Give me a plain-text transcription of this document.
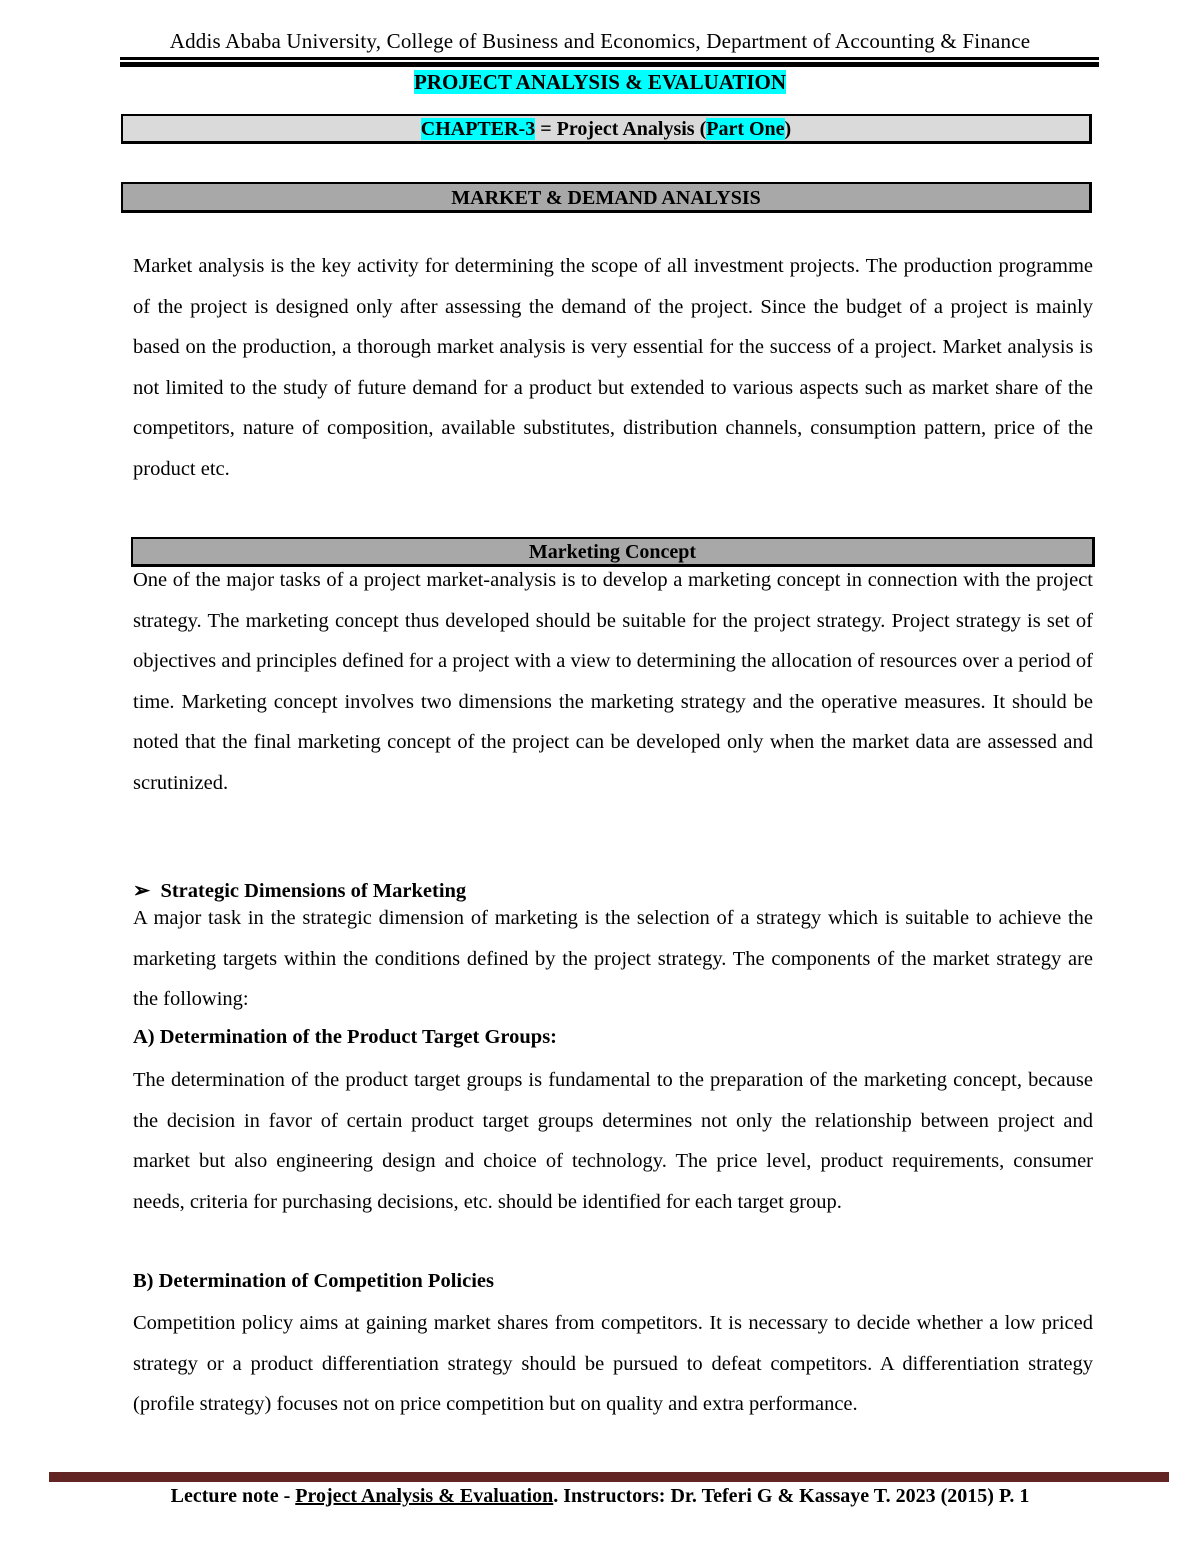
Addis Ababa University, College of Business and Economics, Department of Accounting & Finance
PROJECT ANALYSIS & EVALUATION
CHAPTER-3 = Project Analysis (Part One)
MARKET & DEMAND ANALYSIS
Market analysis is the key activity for determining the scope of all investment projects. The production programme of the project is designed only after assessing the demand of the project. Since the budget of a project is mainly based on the production, a thorough market analysis is very essential for the success of a project. Market analysis is not limited to the study of future demand for a product but extended to various aspects such as market share of the competitors, nature of composition, available substitutes, distribution channels, consumption pattern, price of the product etc.
Marketing Concept
One of the major tasks of a project market-analysis is to develop a marketing concept in connection with the project strategy. The marketing concept thus developed should be suitable for the project strategy. Project strategy is set of objectives and principles defined for a project with a view to determining the allocation of resources over a period of time. Marketing concept involves two dimensions the marketing strategy and the operative measures. It should be noted that the final marketing concept of the project can be developed only when the market data are assessed and scrutinized.
➢ Strategic Dimensions of Marketing
A major task in the strategic dimension of marketing is the selection of a strategy which is suitable to achieve the marketing targets within the conditions defined by the project strategy. The components of the market strategy are the following:
A) Determination of the Product Target Groups:
The determination of the product target groups is fundamental to the preparation of the marketing concept, because the decision in favor of certain product target groups determines not only the relationship between project and market but also engineering design and choice of technology. The price level, product requirements, consumer needs, criteria for purchasing decisions, etc. should be identified for each target group.
B) Determination of Competition Policies
Competition policy aims at gaining market shares from competitors. It is necessary to decide whether a low priced strategy or a product differentiation strategy should be pursued to defeat competitors. A differentiation strategy (profile strategy) focuses not on price competition but on quality and extra performance.
Lecture note - Project Analysis & Evaluation. Instructors: Dr. Teferi G & Kassaye T. 2023 (2015) P. 1
